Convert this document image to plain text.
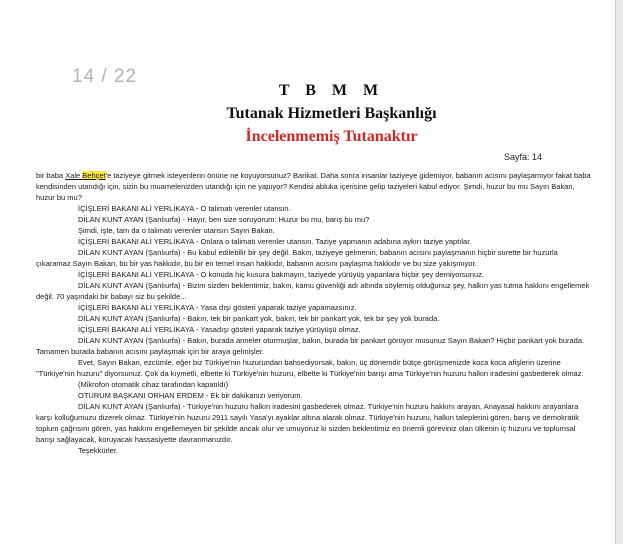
14 / 22
T B M M
Tutanak Hizmetleri Başkanlığı
İncelenmemiş Tutanaktır
Sayfa: 14

bir baba Xale Behçet'e taziyeye gitmek isteyenlerin önüne ne koyuyorsunuz? Barikat. Daha sonra insanlar taziyeye gidemiyor, babanın acısını paylaşamıyor fakat baba kendisinden utandığı için, sizin bu muamelenizden utandığı için ne yapıyor? Kendisi abluka içerisine gelip taziyeleri kabul ediyor. Şimdi, huzur bu mu Sayın Bakan, huzur bu mu?

İÇİŞLERİ BAKANI ALİ YERLİKAYA - O talimatı verenler utansın.

DİLAN KUNT AYAN (Şanlıurfa) - Hayır, ben size soruyorum: Huzur bu mu, barış bu mu?

Şimdi, işte, tam da o talimatı verenler utansın Sayın Bakan.

İÇİŞLERİ BAKANI ALİ YERLİKAYA - Onlara o talimatı verenler utansın. Taziye yapmanın adabına aykırı taziye yaptılar.

DİLAN KUNT AYAN (Şanlıurfa) - Bu kabul edilebilir bir şey değil. Bakın, taziyeye gelmenin, babanın acısını paylaşmanın hiçbir surette bir huzurla çıkaramaz Sayın Bakan, bu bir yas hakkıdır, bu bir en temel insan hakkıdır, babanın acısını paylaşma hakkıdır ve bu size yakışmıyor.

İÇİŞLERİ BAKANI ALİ YERLİKAYA - O konuda hiç kusura bakmayın, taziyede yürüyüş yapanlara hiçbir şey demiyorsunuz.

DİLAN KUNT AYAN (Şanlıurfa) - Bizim sizden beklentimiz, bakın, kamu güvenliği adı altında söylemiş olduğunuz şey, halkın yas tutma hakkını engellemek değil. 70 yaşındaki bir babayı siz bu şekilde...

İÇİŞLERİ BAKANI ALİ YERLİKAYA - Yasa dışı gösteri yaparak taziye yapamazsınız.

DİLAN KUNT AYAN (Şanlıurfa) - Bakın, tek bir pankart yok, bakın, tek bir pankart yok, tek bir şey yok burada.

İÇİŞLERİ BAKANI ALİ YERLİKAYA - Yasadışı gösteri yaparak taziye yürüyüşü olmaz.

DİLAN KUNT AYAN (Şanlıurfa) - Bakın, burada anneler oturmuşlar, bakın, burada bir pankart görüyor musunuz Sayın Bakan? Hiçbir pankart yok burada. Tamamen burada babanın acısını paylaşmak için bir araya gelmişler.

Evet, Sayın Bakan, ezcümle, eğer biz Türkiye'nin huzurundan bahsediyorsak, bakın, üç dönemdir bütçe görüşmenizde koca koca afişlerin üzerine "Türkiye'nin huzuru" diyorsunuz. Çok da kıymetli, elbette ki Türkiye'nin huzuru, elbette ki Türkiye'nin barışı ama Türkiye'nin huzuru halkın iradesini gasbederek olmaz.

(Mikrofon otomatik cihaz tarafından kapatıldı)

OTURUM BAŞKANI ORHAN ERDEM - Ek bir dakikanızı veriyorum.

DİLAN KUNT AYAN (Şanlıurfa) - Türkiye'nin huzuru halkın iradesini gasbederek olmaz. Türkiye'nin huzuru hakkını arayan, Anayasal hakkını arayanlara karşı kolluğumuzu dizerek olmaz. Türkiye'nin huzuru 2911 sayılı Yasa'yı ayaklar altına alarak olmaz. Türkiye'nin huzuru, halkın taleplerini gören, barış ve demokratik toplum çağrısını gören, yas hakkını engellemeyen bir şekilde ancak olur ve umuyoruz ki sizden beklentimiz en önemli göreviniz olan ülkenin iç huzuru ve toplumsal barışı sağlayacak, koruyacak hassasiyette davranmanızdır.

Teşekkürler.
